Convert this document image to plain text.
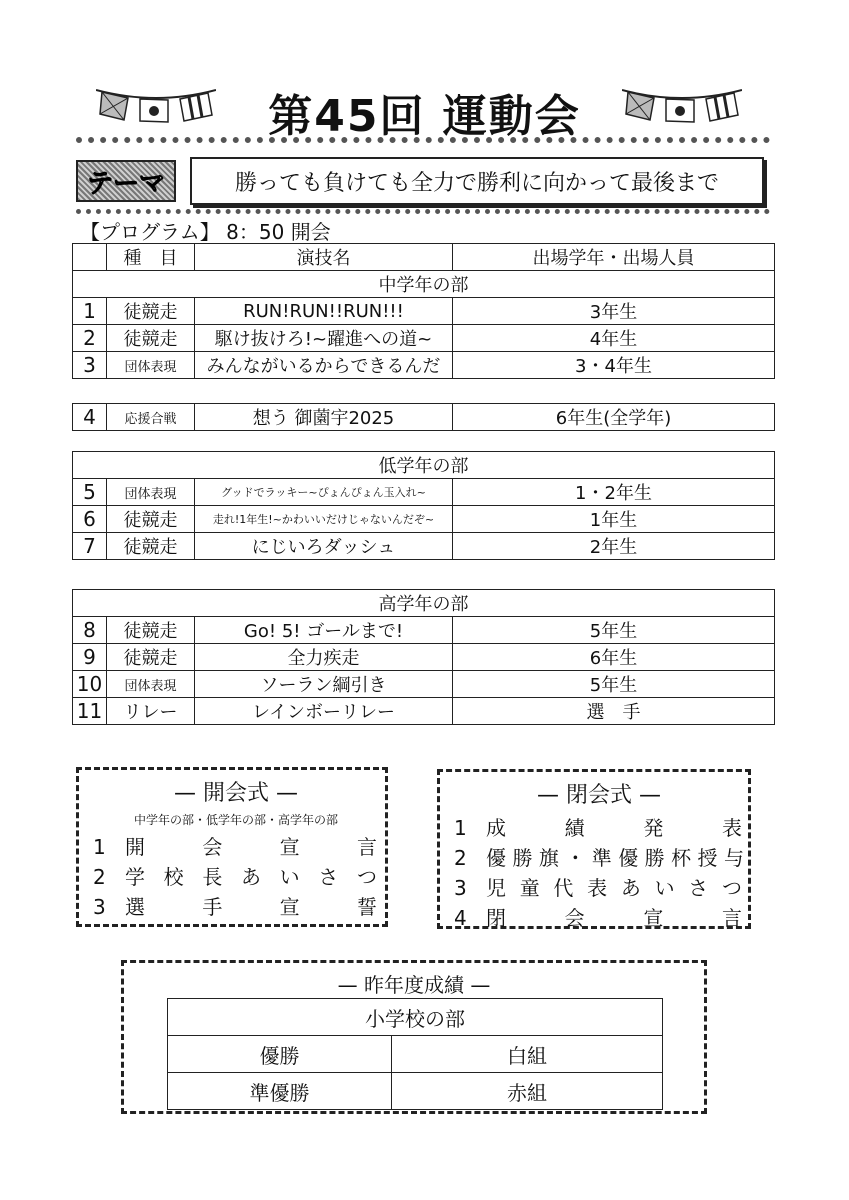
第45回 運動会
テーマ	勝っても負けても全力で勝利に向かって最後まで
【プログラム】 8：50 開会
	種　目	演技名	出場学年・出場人員
中学年の部			
1	徒競走	RUN!RUN!!RUN!!!	3年生
2	徒競走	駆け抜けろ!~躍進への道~	4年生
3	団体表現	みんながいるからできるんだ	3・4年生
4	応援合戦	想う 御薗宇2025	6年生(全学年)
低学年の部			
5	団体表現	グッドでラッキー~ぴょんぴょん玉入れ~	1・2年生
6	徒競走	走れ!1年生!~かわいいだけじゃないんだぞ~	1年生
7	徒競走	にじいろダッシュ	2年生
高学年の部			
8	徒競走	Go! 5! ゴールまで!	5年生
9	徒競走	全力疾走	6年生
10	団体表現	ソーラン綱引き	5年生
11	リレー	レインボーリレー	選　手
— 開会式 —
中学年の部・低学年の部・高学年の部
1 開会宣言
2 学校長あいさつ
3 選手宣誓
— 閉会式 —
1 成績発表
2 優勝旗・準優勝杯授与
3 児童代表あいさつ
4 閉会宣言
— 昨年度成績 —
小学校の部	
優勝	白組
準優勝	赤組
